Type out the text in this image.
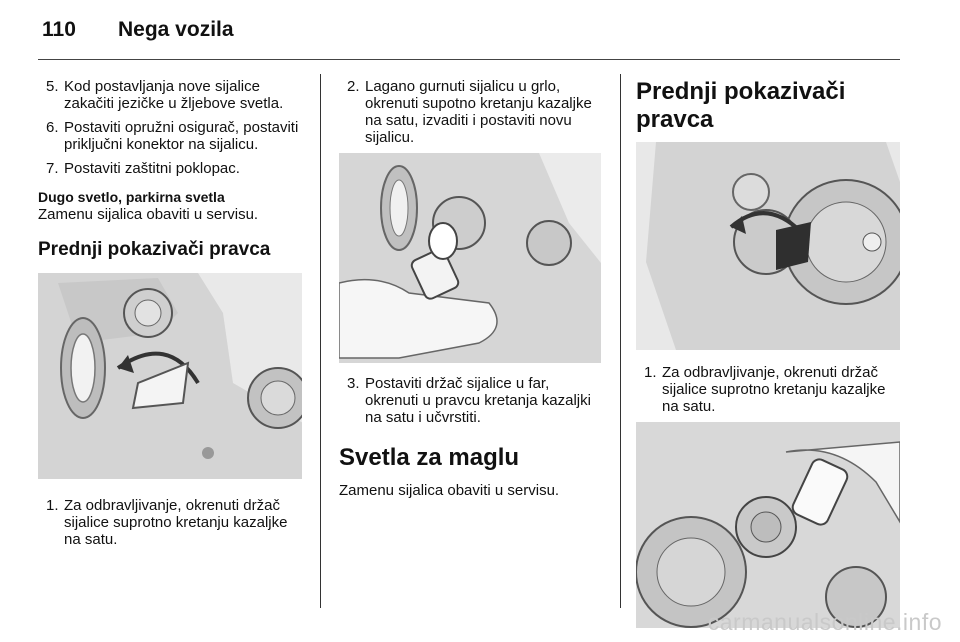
110 Nega vozila
5. Kod postavljanja nove sijalice zakačiti jezičke u žljebove svetla.
6. Postaviti opružni osigurač, postaviti priključni konektor na sijalicu.
7. Postaviti zaštitni poklopac.
Dugo svetlo, parkirna svetla
Zamenu sijalica obaviti u servisu.
Prednji pokazivači pravca
1. Za odbravljivanje, okrenuti držač sijalice suprotno kretanju kazaljke na satu.
2. Lagano gurnuti sijalicu u grlo, okrenuti supotno kretanju kazaljke na satu, izvaditi i postaviti novu sijalicu.
3. Postaviti držač sijalice u far, okrenuti u pravcu kretanja kazaljki na satu i učvrstiti.
Svetla za maglu
Zamenu sijalica obaviti u servisu.
Prednji pokazivači pravca
1. Za odbravljivanje, okrenuti držač sijalice suprotno kretanju kazaljke na satu.
carmanualsonline.info
